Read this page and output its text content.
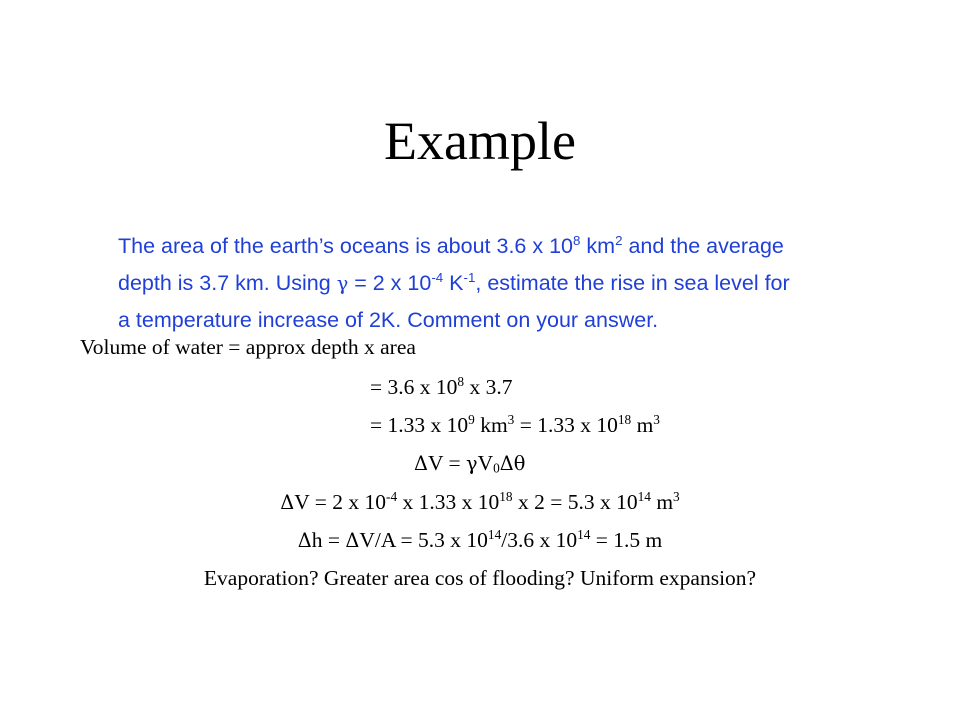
Example

The area of the earth’s oceans is about 3.6 x $10^8$ $km^2$ and the average

depth is 3.7 km. Using γ = 2 x $10^{-4}$ $K^{-1}$, estimate the rise in sea level for

a temperature increase of 2K. Comment on your answer.

Volume of water = approx depth x area
= 3.6 x $10^8$ x 3.7
= 1.33 x $10^9$ $km^3 = 1.33$ x $10^{18}$ $m^3$
$\Delta V = \gamma V_0\Delta\theta$
ΔV = 2 x $10^{-4}$ x 1.33 x $10^{18}$ x 2 = 5.3 x $10^{14}$ $m^3$
Δh = ΔV/A = 5.3 x $10^{14}/3.6$ x $10^{14} = 1.5$ m
Evaporation? Greater area cos of flooding? Uniform expansion?
